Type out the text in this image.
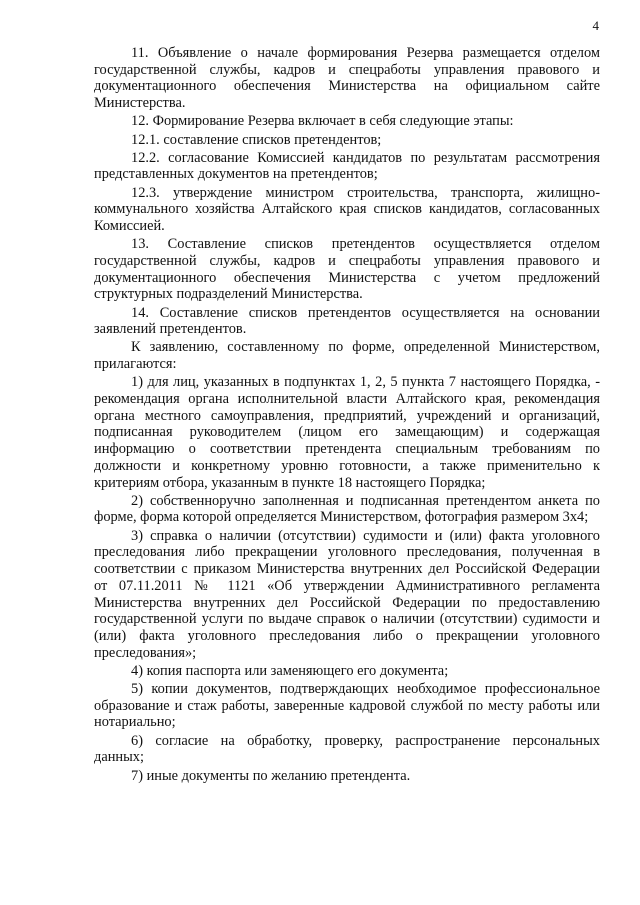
4

11. Объявление о начале формирования Резерва размещается отделом государственной службы, кадров и спецработы управления правового и документационного обеспечения Министерства на официальном сайте Министерства.

12. Формирование Резерва включает в себя следующие этапы:

12.1. составление списков претендентов;

12.2. согласование Комиссией кандидатов по результатам рассмотрения представленных документов на претендентов;

12.3. утверждение министром строительства, транспорта, жилищно-коммунального хозяйства Алтайского края списков кандидатов, согласованных Комиссией.

13. Составление списков претендентов осуществляется отделом государственной службы, кадров и спецработы управления правового и документационного обеспечения Министерства с учетом предложений структурных подразделений Министерства.

14. Составление списков претендентов осуществляется на основании заявлений претендентов.

К заявлению, составленному по форме, определенной Министерством, прилагаются:

1) для лиц, указанных в подпунктах 1, 2, 5 пункта 7 настоящего Порядка, - рекомендация органа исполнительной власти Алтайского края, рекомендация органа местного самоуправления, предприятий, учреждений и организаций, подписанная руководителем (лицом его замещающим) и содержащая информацию о соответствии претендента специальным требованиям по должности и конкретному уровню готовности, а также применительно к критериям отбора, указанным в пункте 18 настоящего Порядка;

2) собственноручно заполненная и подписанная претендентом анкета по форме, форма которой определяется Министерством, фотография размером 3х4;

3) справка о наличии (отсутствии) судимости и (или) факта уголовного преследования либо прекращении уголовного преследования, полученная в соответствии с приказом Министерства внутренних дел Российской Федерации от 07.11.2011 № 1121 «Об утверждении Административного регламента Министерства внутренних дел Российской Федерации по предоставлению государственной услуги по выдаче справок о наличии (отсутствии) судимости и (или) факта уголовного преследования либо о прекращении уголовного преследования»;

4) копия паспорта или заменяющего его документа;

5) копии документов, подтверждающих необходимое профессиональное образование и стаж работы, заверенные кадровой службой по месту работы или нотариально;

6) согласие на обработку, проверку, распространение персональных данных;

7) иные документы по желанию претендента.
